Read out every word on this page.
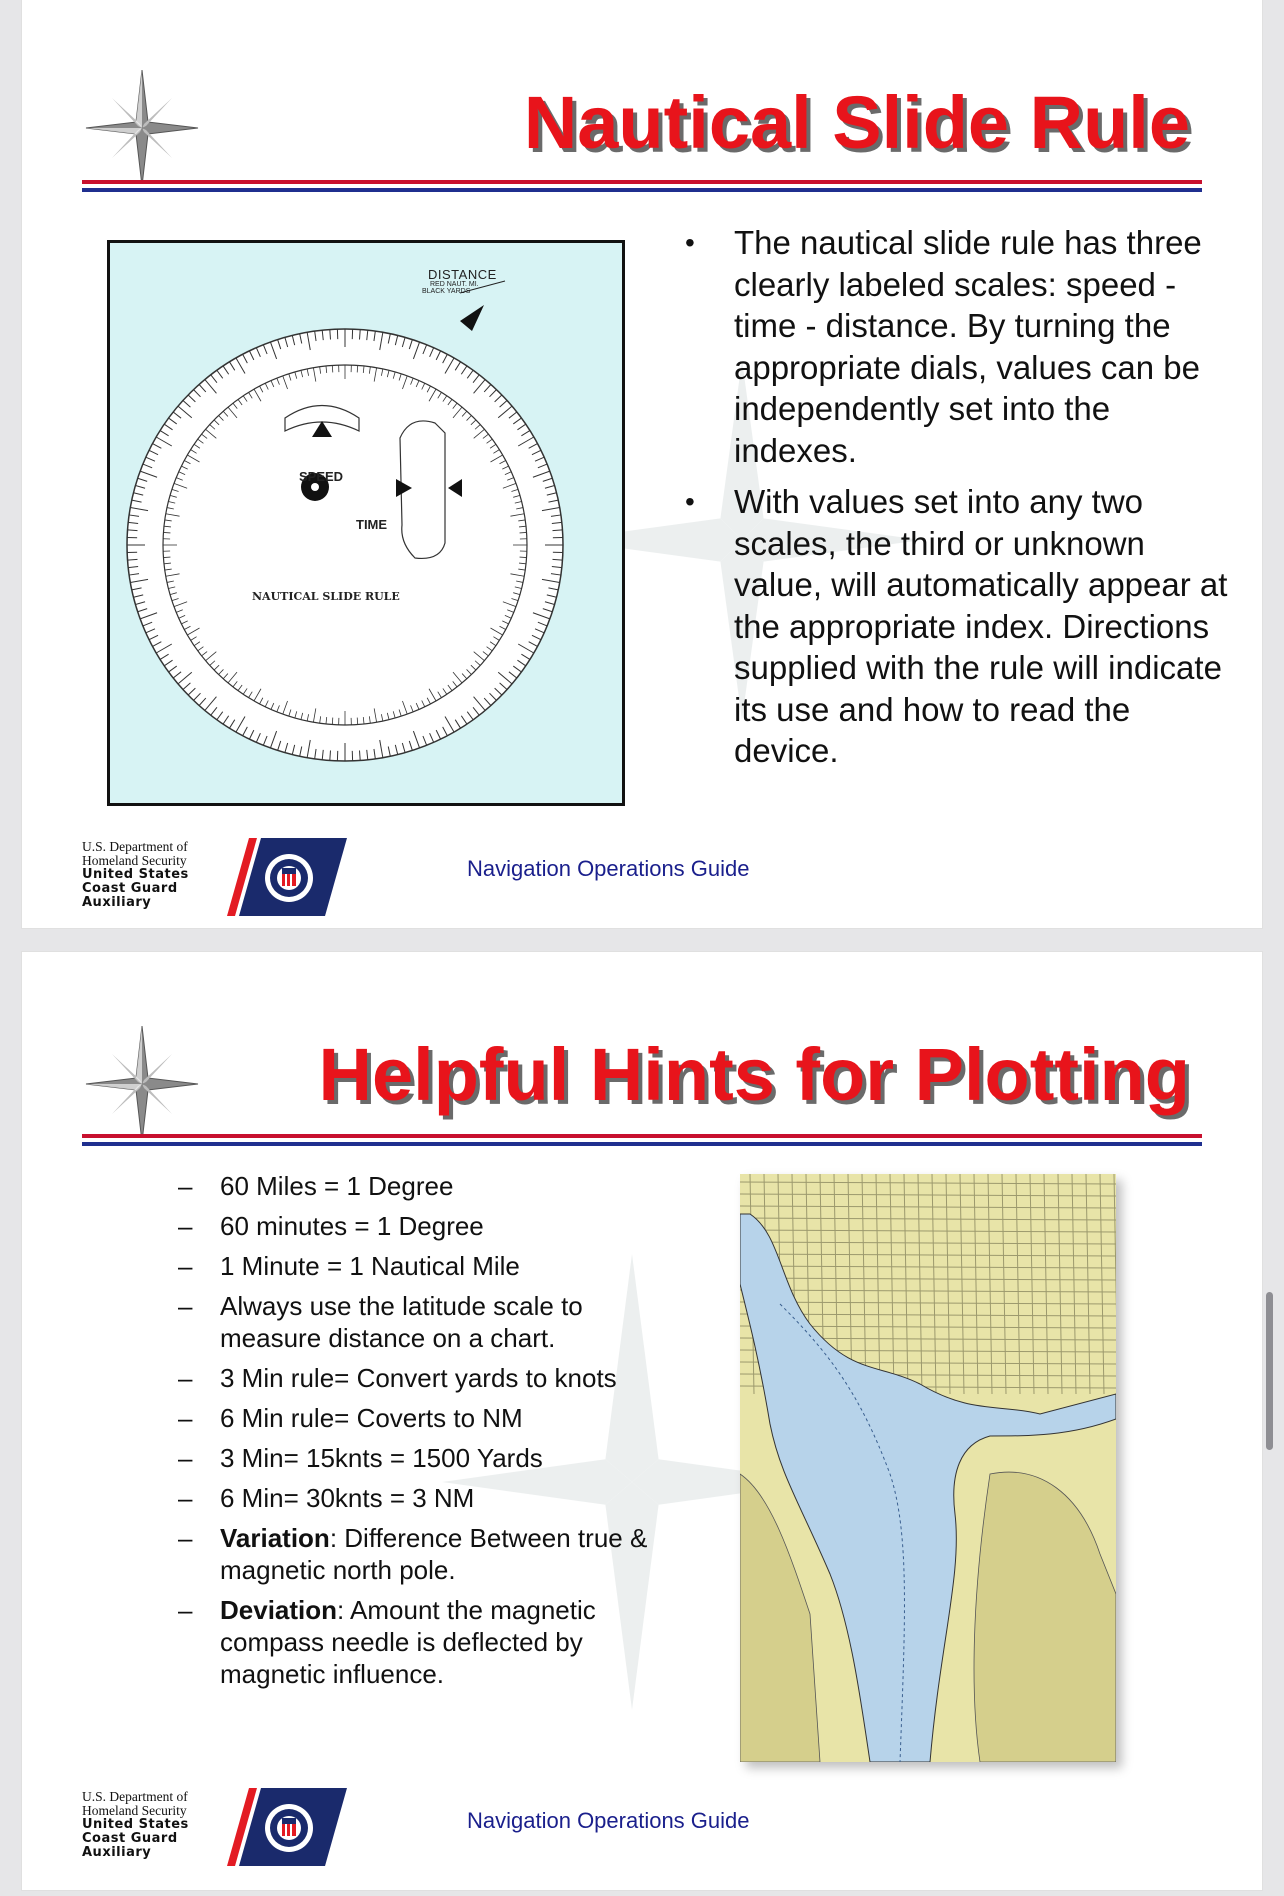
Nautical Slide Rule
DISTANCE
RED NAUT. MI.
BLACK YARDS
SPEED
TIME
NAUTICAL SLIDE RULE
• The nautical slide rule has three clearly labeled scales: speed - time - distance. By turning the appropriate dials, values can be independently set into the indexes.
• With values set into any two scales, the third or unknown value, will automatically appear at the appropriate index. Directions supplied with the rule will indicate its use and how to read the device.
U.S. Department of
Homeland Security
United States
Coast Guard
Auxiliary
Navigation Operations Guide
Helpful Hints for Plotting
– 60 Miles = 1 Degree
– 60 minutes = 1 Degree
– 1 Minute = 1 Nautical Mile
– Always use the latitude scale to measure distance on a chart.
– 3 Min rule= Convert yards to knots
– 6 Min rule= Coverts to NM
– 3 Min= 15knts = 1500 Yards
– 6 Min= 30knts = 3 NM
– Variation: Difference Between true & magnetic north pole.
– Deviation: Amount the magnetic compass needle is deflected by magnetic influence.
U.S. Department of
Homeland Security
United States
Coast Guard
Auxiliary
Navigation Operations Guide
